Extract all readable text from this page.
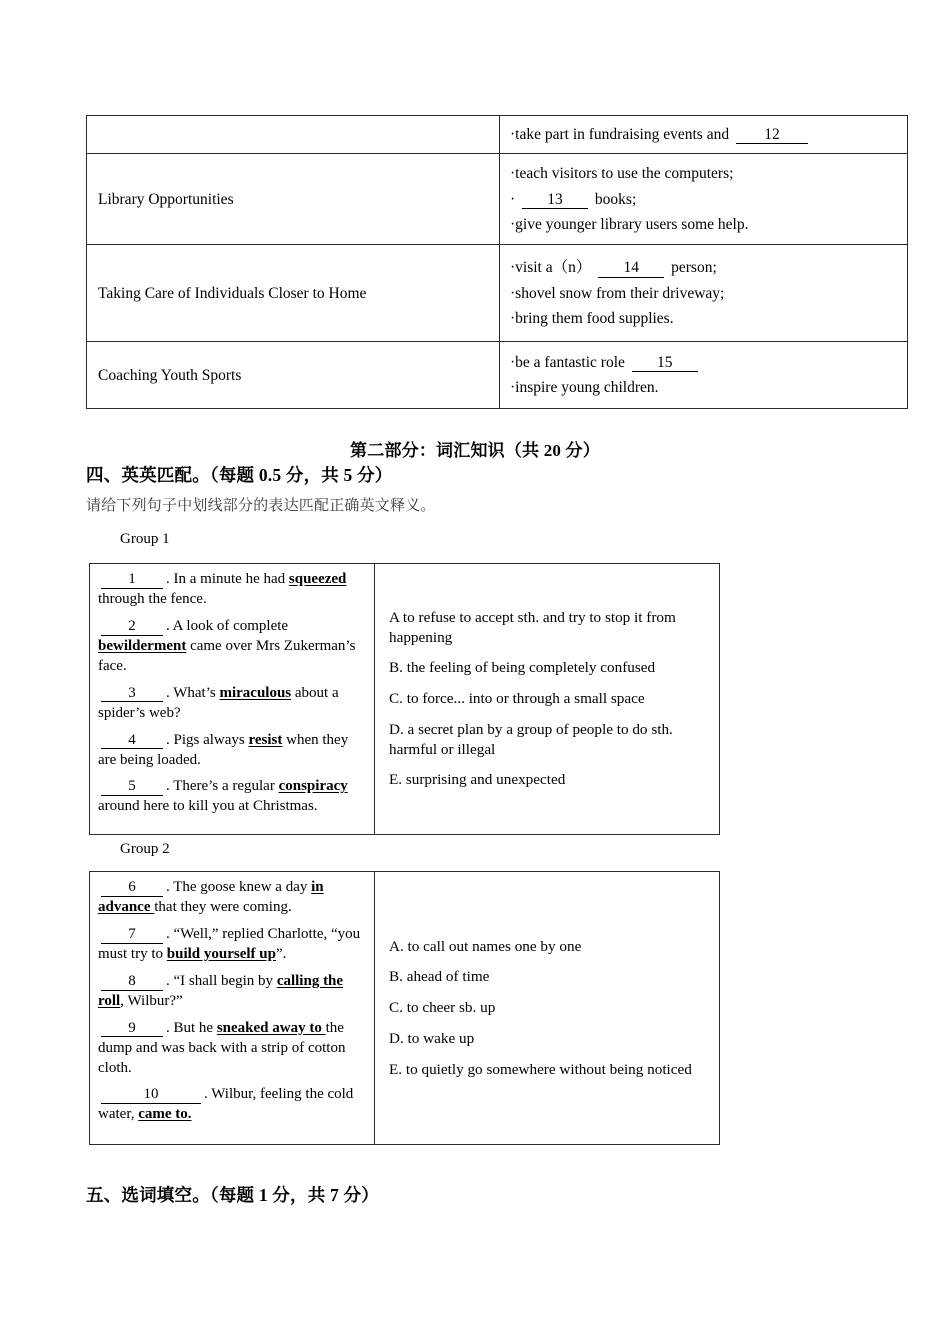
	·take part in fundraising events and 12

Library Opportunities	·teach visitors to use the computers;
· 13 books;
·give younger library users some help.

Taking Care of Individuals Closer to Home	·visit a（n） 14 person;
·shovel snow from their driveway;
·bring them food supplies.

Coaching Youth Sports	·be a fantastic role 15
·inspire young children.
第二部分：词汇知识（共 20 分）
四、英英匹配。（每题 0.5 分，共 5 分）
请给下列句子中划线部分的表达匹配正确英文释义。
Group 1
Group 2
1 . In a minute he had squeezed through the fence.
2 . A look of complete bewilderment came over Mrs Zukerman’s face.
3 . What’s miraculous about a spider’s web?
4 . Pigs always resist when they are being loaded.
5 . There’s a regular conspiracy around here to kill you at Christmas.
A to refuse to accept sth. and try to stop it from happening
B. the feeling of being completely confused
C. to force... into or through a small space
D. a secret plan by a group of people to do sth. harmful or illegal
E. surprising and unexpected
6 . The goose knew a day in advance that they were coming.
7 . “Well,” replied Charlotte, “you must try to build yourself up”.
8 . “I shall begin by calling the roll, Wilbur?”
9 . But he sneaked away to the dump and was back with a strip of cotton cloth.
10	. Wilbur, feeling the cold water, came to.
A. to call out names one by one
B. ahead of time
C. to cheer sb. up
D. to wake up
E. to quietly go somewhere without being noticed
五、选词填空。（每题 1 分，共 7 分）
